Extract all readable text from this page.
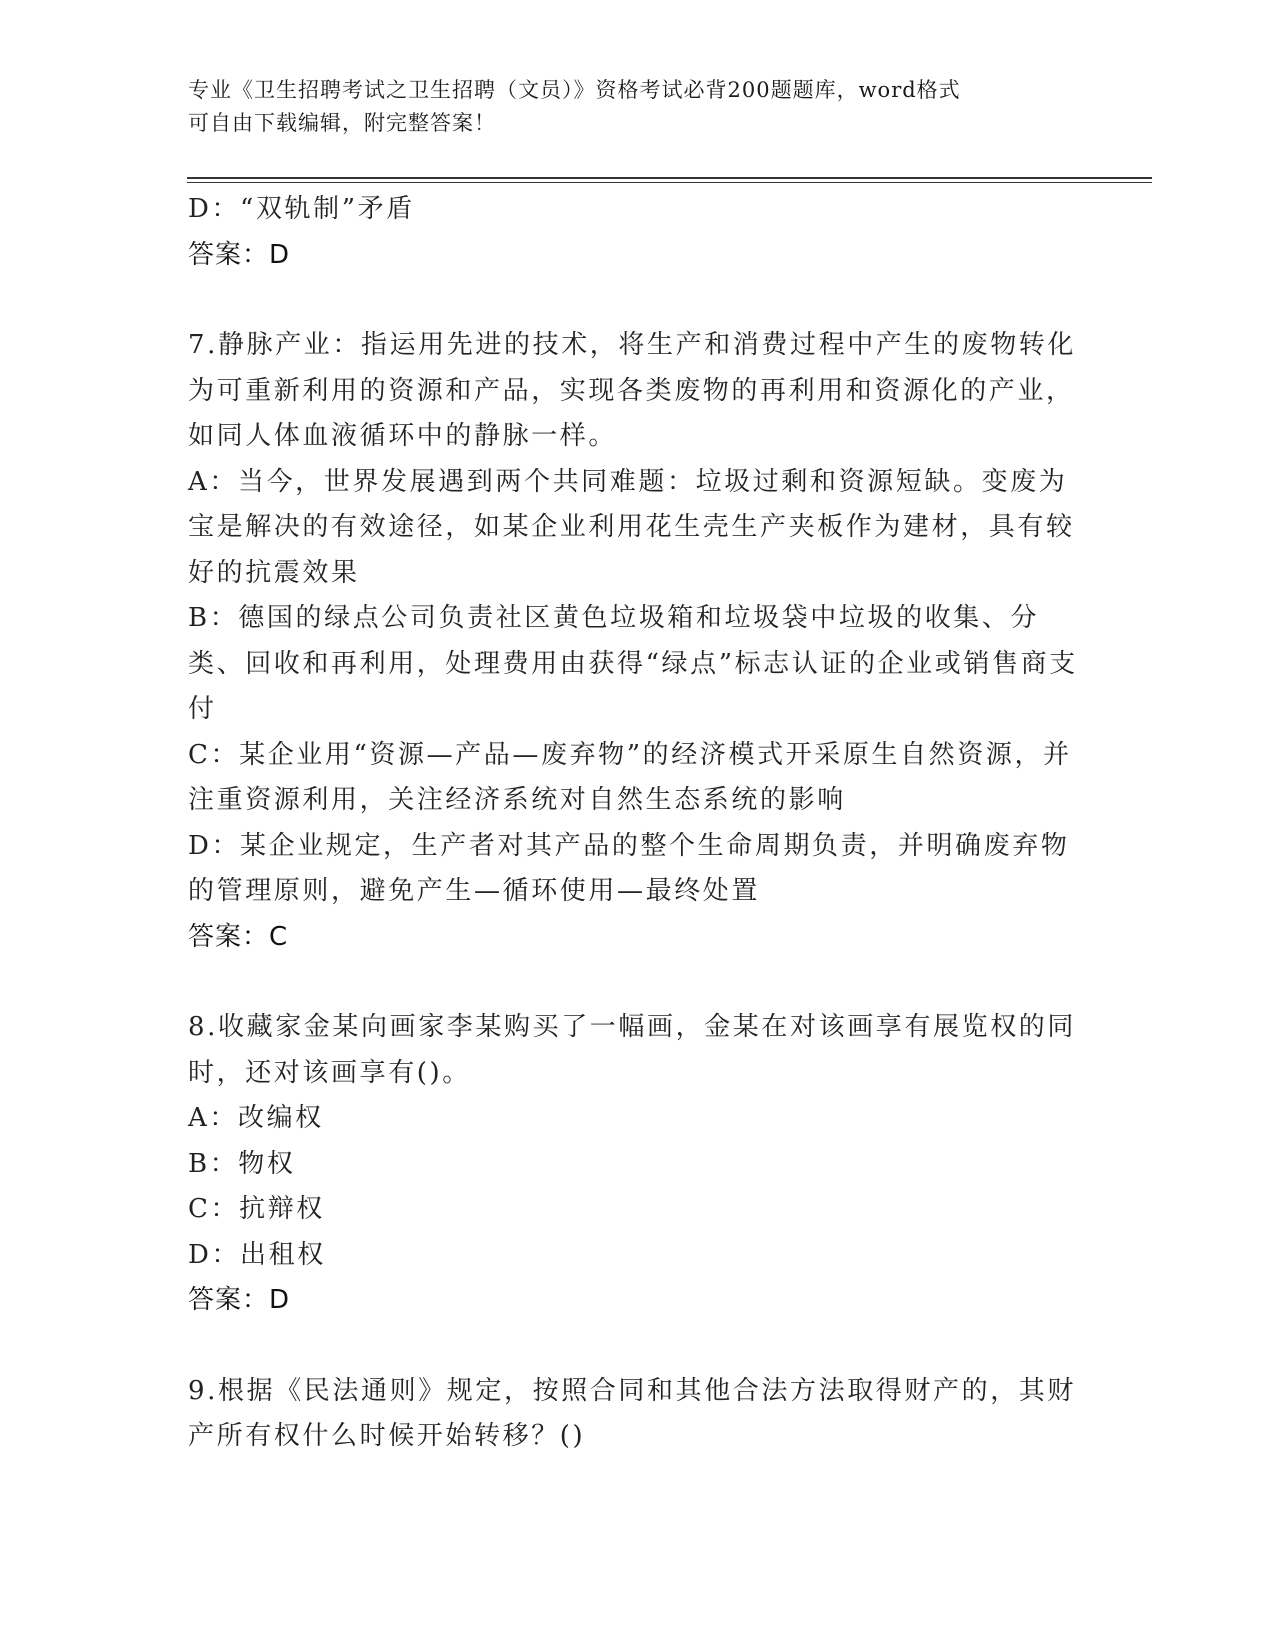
专业《卫生招聘考试之卫生招聘（文员）》资格考试必背200题题库，word格式
可自由下载编辑，附完整答案！
D：“双轨制”矛盾
答案：D
7.静脉产业：指运用先进的技术，将生产和消费过程中产生的废物转化为可重新利用的资源和产品，实现各类废物的再利用和资源化的产业，如同人体血液循环中的静脉一样。
A：当今，世界发展遇到两个共同难题：垃圾过剩和资源短缺。变废为宝是解决的有效途径，如某企业利用花生壳生产夹板作为建材，具有较好的抗震效果
B：德国的绿点公司负责社区黄色垃圾箱和垃圾袋中垃圾的收集、分类、回收和再利用，处理费用由获得“绿点”标志认证的企业或销售商支付
C：某企业用“资源—产品—废弃物”的经济模式开采原生自然资源，并注重资源利用，关注经济系统对自然生态系统的影响
D：某企业规定，生产者对其产品的整个生命周期负责，并明确废弃物的管理原则，避免产生—循环使用—最终处置
答案：C
8.收藏家金某向画家李某购买了一幅画，金某在对该画享有展览权的同时，还对该画享有()。
A：改编权
B：物权
C：抗辩权
D：出租权
答案：D
9.根据《民法通则》规定，按照合同和其他合法方法取得财产的，其财产所有权什么时候开始转移？()
